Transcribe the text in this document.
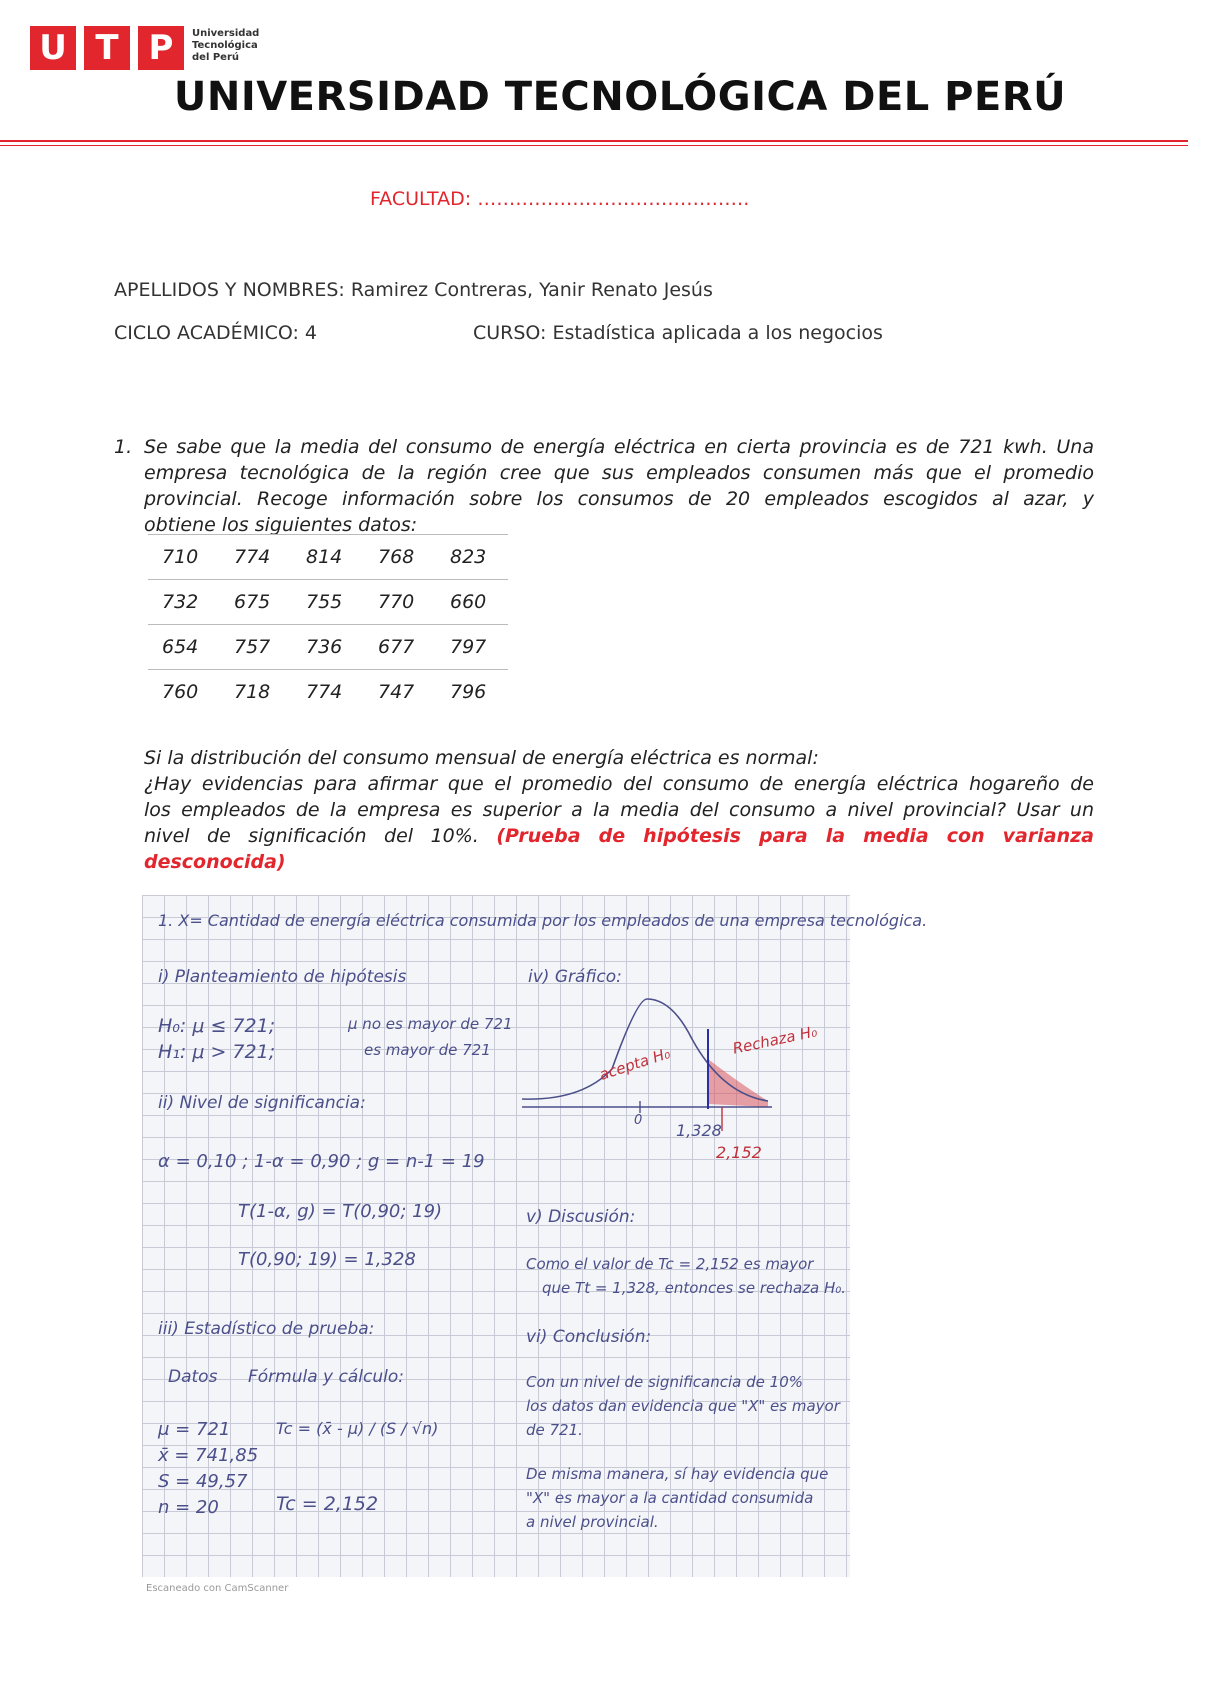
U T P	Universidad
Tecnológica
del Perú
UNIVERSIDAD TECNOLÓGICA DEL PERÚ
FACULTAD: …………………………………….
APELLIDOS Y NOMBRES: Ramirez Contreras, Yanir Renato Jesús
CICLO ACADÉMICO: 4	CURSO: Estadística aplicada a los negocios
1. Se sabe que la media del consumo de energía eléctrica en cierta provincia es de 721 kwh. Una
empresa tecnológica de la región cree que sus empleados consumen más que el promedio
provincial. Recoge información sobre los consumos de 20 empleados escogidos al azar, y
obtiene los siguientes datos:
710	774	814	768	823
732	675	755	770	660
654	757	736	677	797
760	718	774	747	796
Si la distribución del consumo mensual de energía eléctrica es normal:
¿Hay evidencias para afirmar que el promedio del consumo de energía eléctrica hogareño de
los empleados de la empresa es superior a la media del consumo a nivel provincial? Usar un
nivel de significación del 10%. (Prueba de hipótesis para la media con varianza
desconocida)
1. X= Cantidad de energía eléctrica consumida por los empleados de una empresa tecnológica.
i) Planteamiento de hipótesis
H₀: μ ≤ 721;
H₁: μ > 721;
μ no es mayor de 721
es mayor de 721
ii) Nivel de significancia:
α = 0,10 ; 1-α = 0,90 ; g = n-1 = 19
T(1-α, g) = T(0,90; 19)
T(0,90; 19) = 1,328
iii) Estadístico de prueba:
Datos Fórmula y cálculo:
μ = 721
x̄ = 741,85
S = 49,57
n = 20
Tc = (x̄ - μ) / (S / √n)
Tc = 2,152
iv) Gráfico:
acepta H₀
Rechaza H₀
0
1,328
2,152
v) Discusión:
Como el valor de Tc = 2,152 es mayor
que Tt = 1,328, entonces se rechaza H₀.
vi) Conclusión:
Con un nivel de significancia de 10%
los datos dan evidencia que "X" es mayor
de 721.
De misma manera, sí hay evidencia que
"X" es mayor a la cantidad consumida
a nivel provincial.
Escaneado con CamScanner
